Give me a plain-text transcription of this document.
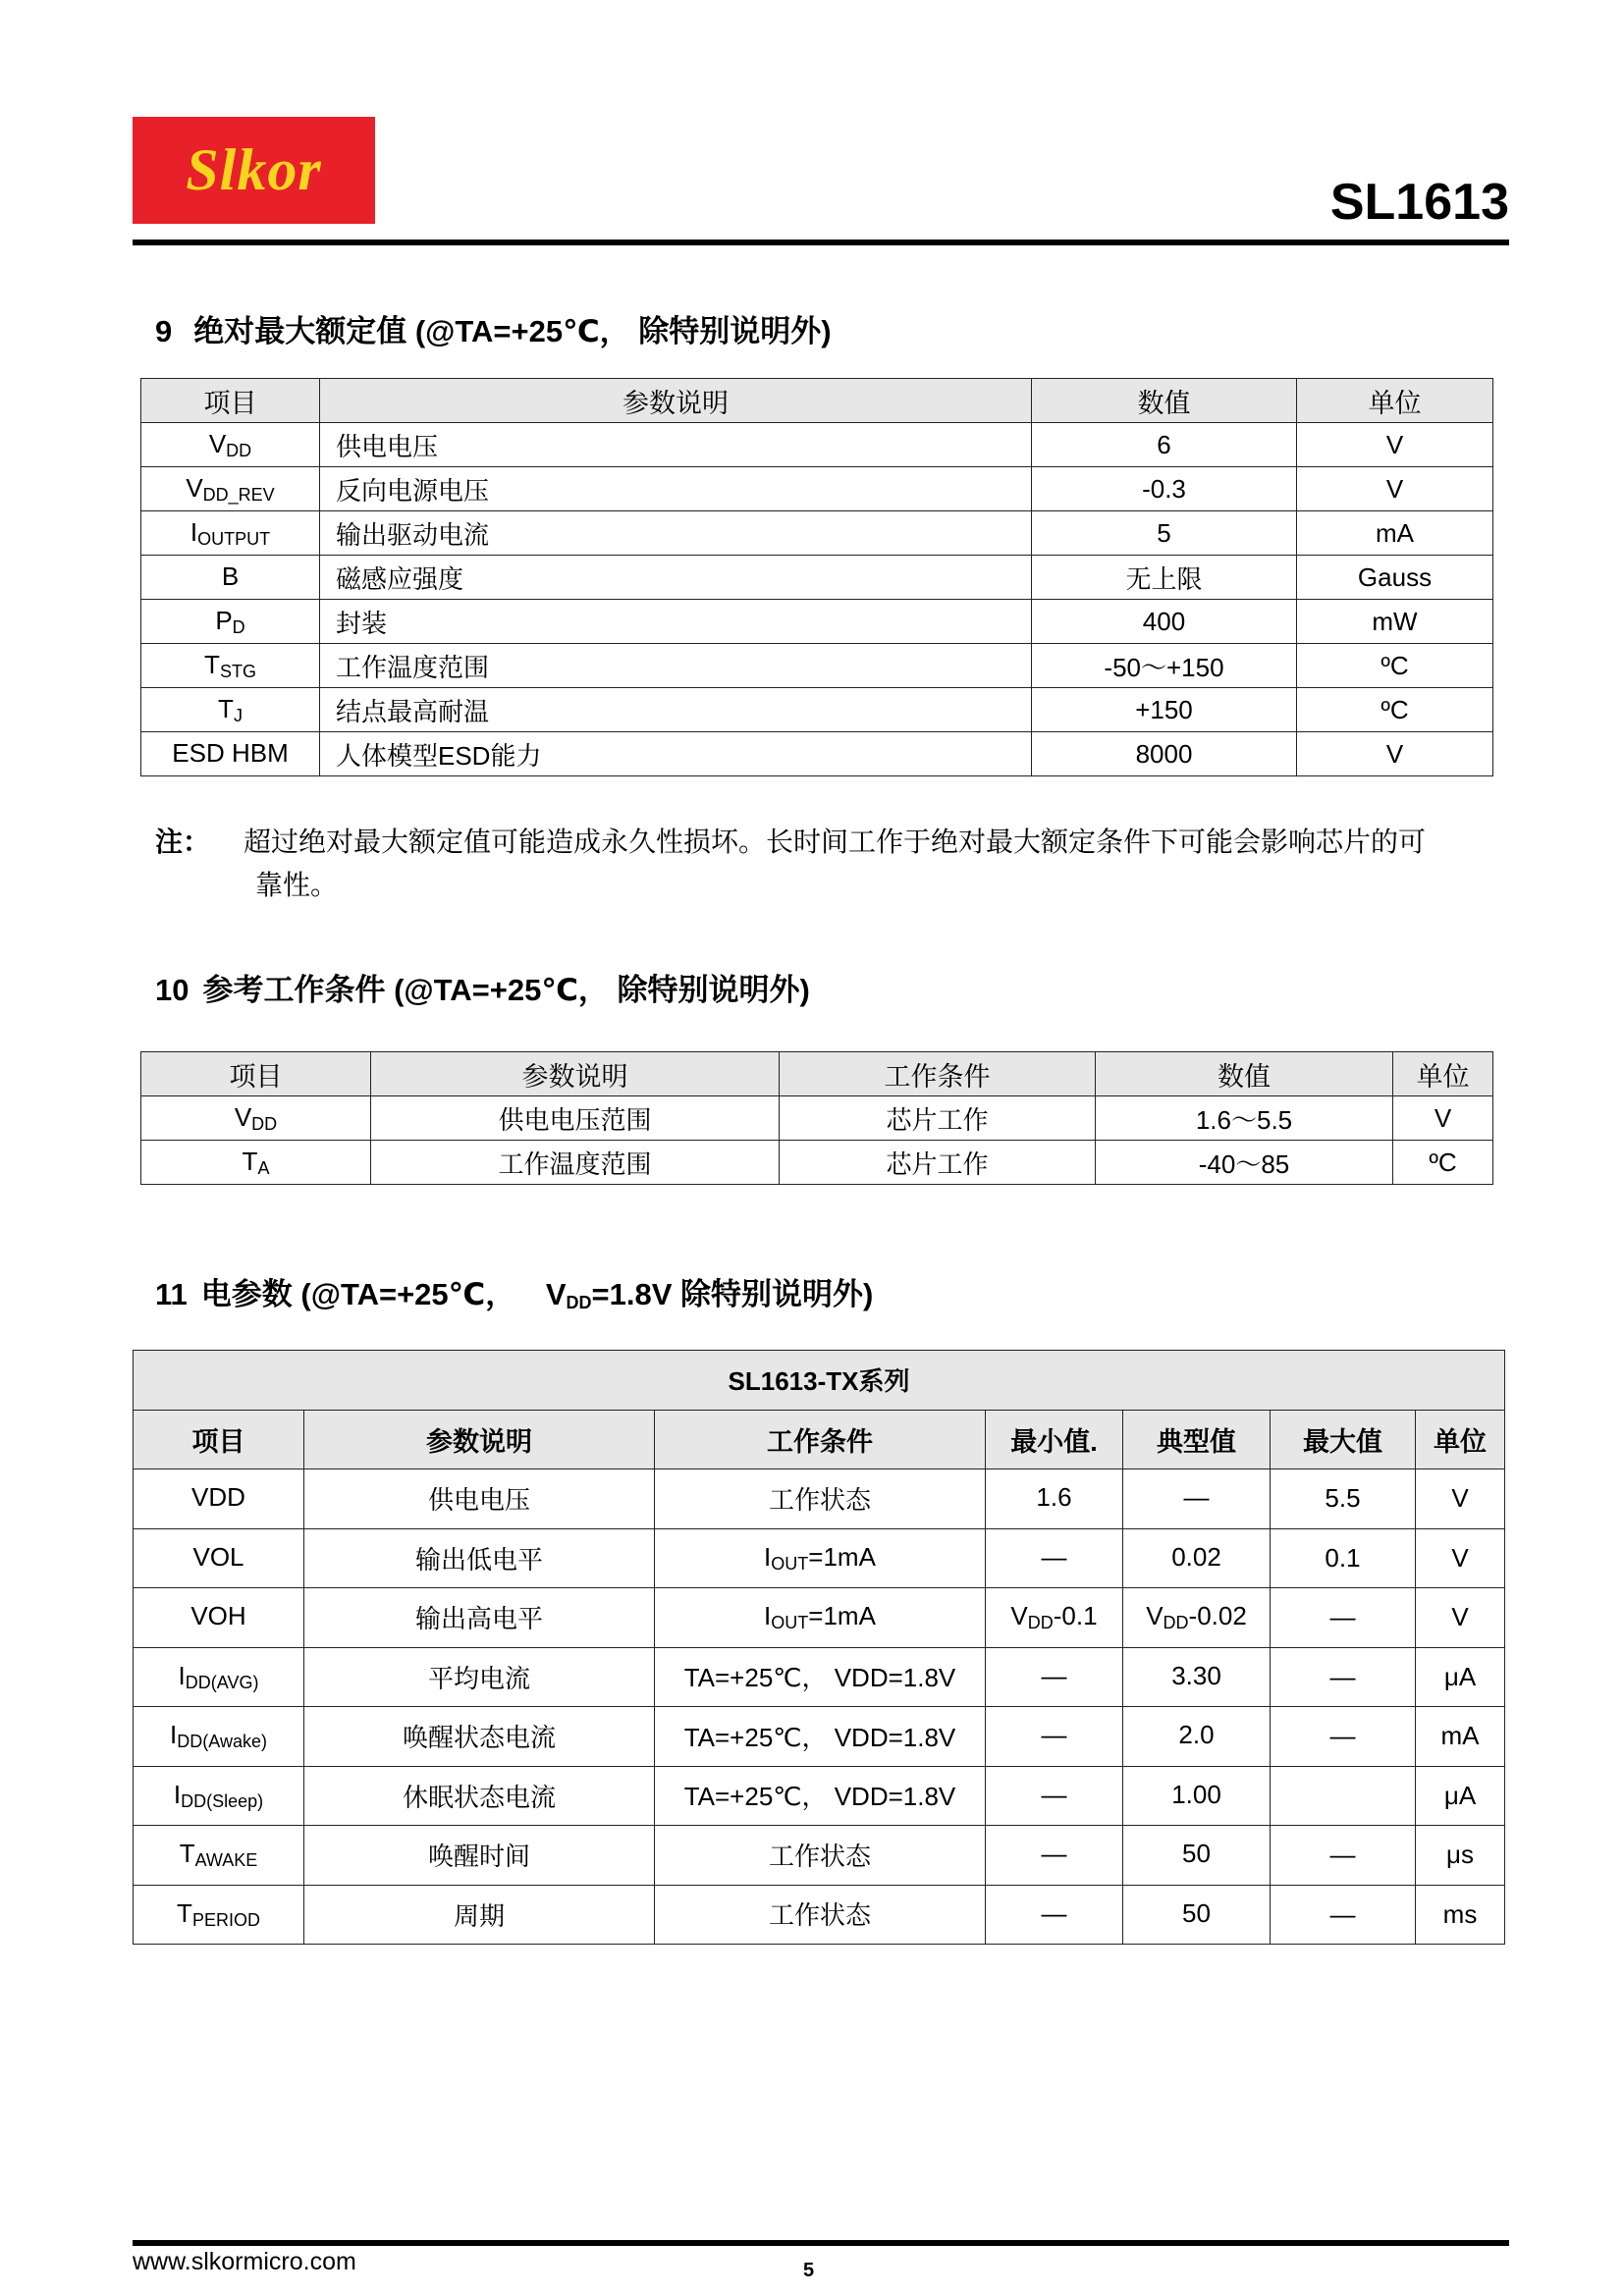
Slkor	SL1613
9 绝对最大额定值 (@TA=+25℃， 除特别说明外)
项目	参数说明	数值	单位
$V_{DD}$	供电电压	6	V
$V_{DD\_REV}$	反向电源电压	-0.3	V
$I_{OUTPUT}$	输出驱动电流	5	mA
B	磁感应强度	无上限	Gauss
$P_D$	封装	400	mW
$T_{STG}$	工作温度范围	-50～+150	ºC
$T_J$	结点最高耐温	+150	ºC
ESD HBM	人体模型ESD能力	8000	V
注：	超过绝对最大额定值可能造成永久性损坏。长时间工作于绝对最大额定条件下可能会影响芯片的可
靠性。
10 参考工作条件 (@TA=+25℃， 除特别说明外)
项目	参数说明	工作条件	数值	单位
$V_{DD}$	供电电压范围	芯片工作	1.6～5.5	V
$T_A$	工作温度范围	芯片工作	-40～85	ºC
11 电参数 (@TA=+25℃， $V_{DD}=1.8V$ 除特别说明外)
SL1613-TX系列						
项目	参数说明	工作条件	最小值.	典型值	最大值	单位
VDD	供电电压	工作状态	1.6	—	5.5	V
VOL	输出低电平	$I_{OUT}=1mA$	—	0.02	0.1	V
VOH	输出高电平	$I_{OUT}=1mA$	$V_{DD}-0.1$	$V_{DD}-0.02$	—	V
$I_{DD(AVG)}$	平均电流	TA=+25℃， VDD=1.8V	—	3.30	—	μA
$I_{DD(Awake)}$	唤醒状态电流	TA=+25℃， VDD=1.8V	—	2.0	—	mA
$I_{DD(Sleep)}$	休眠状态电流	TA=+25℃， VDD=1.8V	—	1.00		μA
$T_{AWAKE}$	唤醒时间	工作状态	—	50	—	μs
$T_{PERIOD}$	周期	工作状态	—	50	—	ms
www.slkormicro.com	5
